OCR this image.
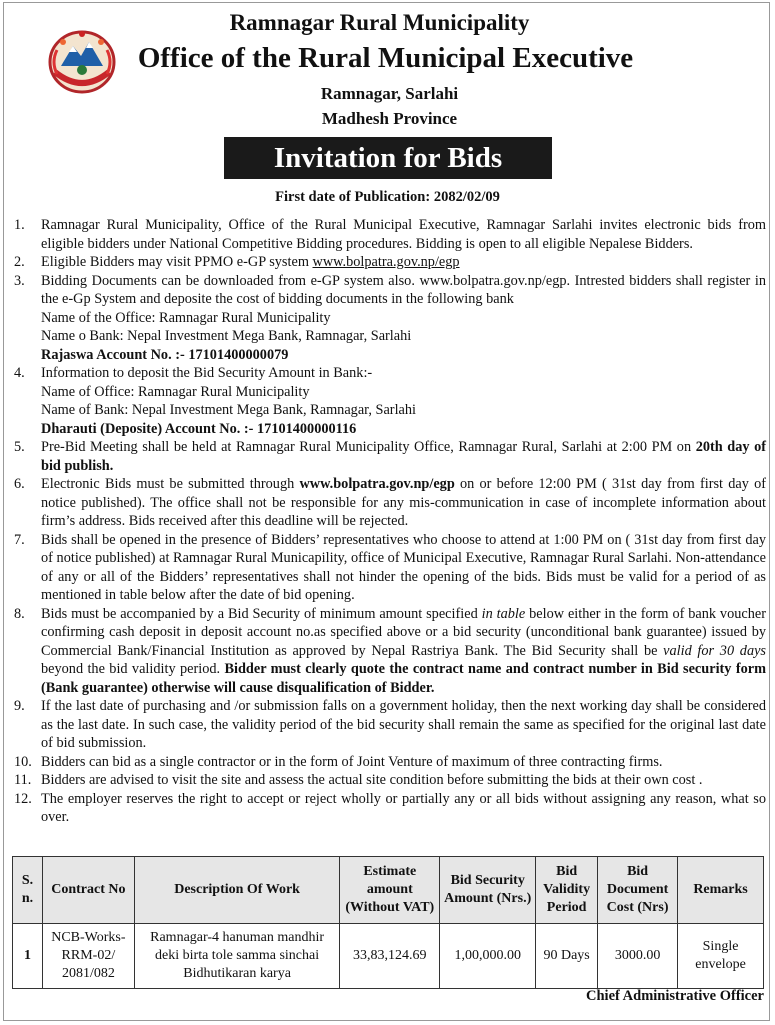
Ramnagar Rural Municipality
Office of the Rural Municipal Executive
Ramnagar, Sarlahi
Madhesh Province
Invitation for Bids
First date of Publication: 2082/02/09
1.	Ramnagar Rural Municipality, Office of the Rural Municipal Executive, Ramnagar Sarlahi invites electronic bids from eligible bidders under National Competitive Bidding procedures. Bidding is open to all eligible Nepalese Bidders.
2.	Eligible Bidders may visit PPMO e-GP system www.bolpatra.gov.np/egp
3.	Bidding Documents can be downloaded from e-GP system also. www.bolpatra.gov.np/egp. Intrested bidders shall register in the e-Gp System and deposite the cost of bidding documents in the following bank
Name of the Office: Ramnagar Rural Municipality
Name o Bank: Nepal Investment Mega Bank, Ramnagar, Sarlahi
Rajaswa Account No. :- 17101400000079
4.	Information to deposit the Bid Security Amount in Bank:-
Name of Office: Ramnagar Rural Municipality
Name of Bank: Nepal Investment Mega Bank, Ramnagar, Sarlahi
Dharauti (Deposite) Account No. :- 17101400000116
5.	Pre-Bid Meeting shall be held at Ramnagar Rural Municipality Office, Ramnagar Rural, Sarlahi at 2:00 PM on 20th day of bid publish.
6.	Electronic Bids must be submitted through www.bolpatra.gov.np/egp on or before 12:00 PM ( 31st day from first day of notice published). The office shall not be responsible for any mis-communication in case of incomplete information about firm’s address. Bids received after this deadline will be rejected.
7.	Bids shall be opened in the presence of Bidders’ representatives who choose to attend at 1:00 PM on ( 31st day from first day of notice published) at Ramnagar Rural Municapility, office of Municipal Executive, Ramnagar Rural Sarlahi. Non-attendance of any or all of the Bidders’ representatives shall not hinder the opening of the bids. Bids must be valid for a period of as mentioned in table below after the date of bid opening.
8.	Bids must be accompanied by a Bid Security of minimum amount specified in table below either in the form of bank voucher confirming cash deposit in deposit account no.as specified above or a bid security (unconditional bank guarantee) issued by Commercial Bank/Financial Institution as approved by Nepal Rastriya Bank. The Bid Security shall be valid for 30 days beyond the bid validity period. Bidder must clearly quote the contract name and contract number in Bid security form (Bank guarantee) otherwise will cause disqualification of Bidder.
9.	If the last date of purchasing and /or submission falls on a government holiday, then the next working day shall be considered as the last date. In such case, the validity period of the bid security shall remain the same as specified for the original last date of bid submission.
10. Bidders can bid as a single contractor or in the form of Joint Venture of maximum of three contracting firms.
11. Bidders are advised to visit the site and assess the actual site condition before submitting the bids at their own cost .
12. The employer reserves the right to accept or reject wholly or partially any or all bids without assigning any reason, what so over.
S. n.	Contract No	Description Of Work	Estimate amount (Without VAT)	Bid Security Amount (Nrs.)	Bid Validity Period	Bid Document Cost (Nrs)	Remarks
1	NCB-Works-RRM-02/ 2081/082	Ramnagar-4 hanuman mandhir deki birta tole samma sinchai Bidhutikaran karya	33,83,124.69	1,00,000.00	90 Days	3000.00	Single envelope
Chief Administrative Officer
